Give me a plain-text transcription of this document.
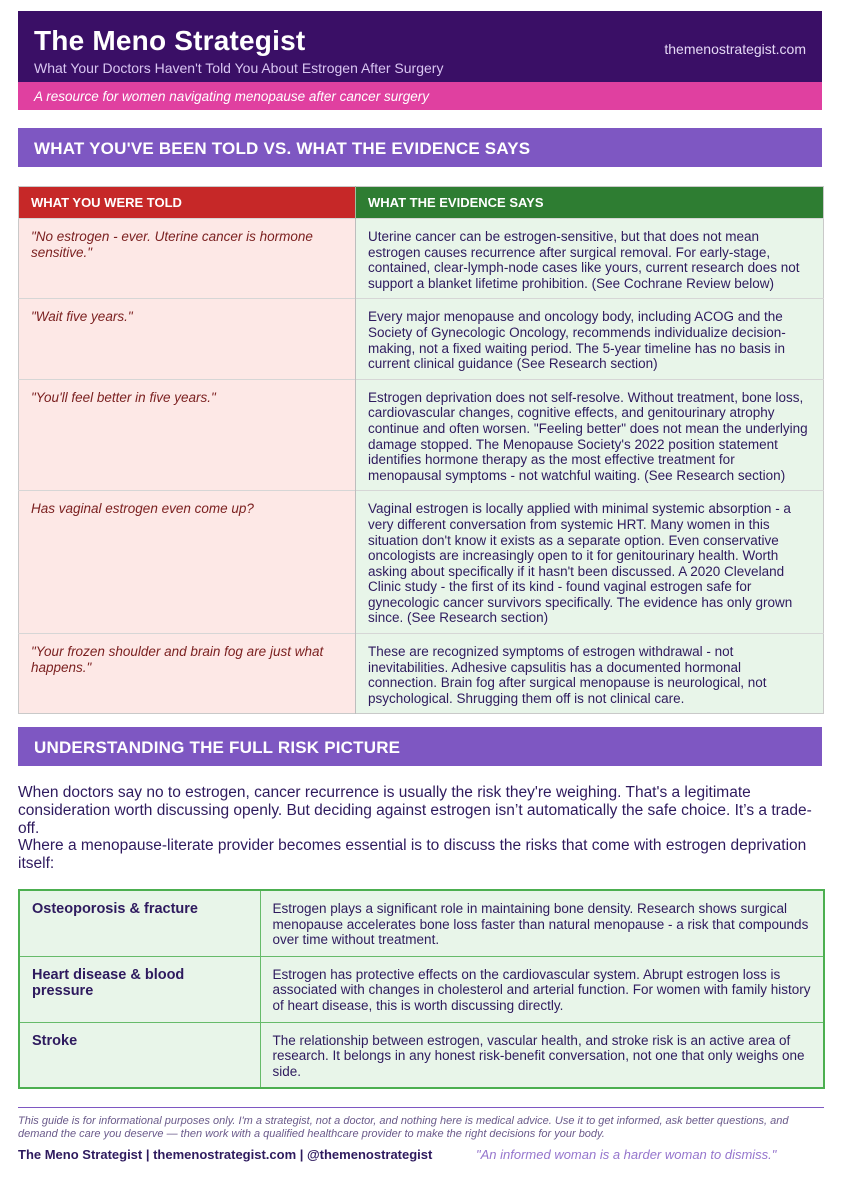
The Meno Strategist
What Your Doctors Haven't Told You About Estrogen After Surgery
themenostrategist.com
A resource for women navigating menopause after cancer surgery
WHAT YOU'VE BEEN TOLD VS. WHAT THE EVIDENCE SAYS
WHAT YOU WERE TOLD	WHAT THE EVIDENCE SAYS
"No estrogen - ever. Uterine cancer is hormone sensitive."	Uterine cancer can be estrogen-sensitive, but that does not mean estrogen causes recurrence after surgical removal. For early-stage, contained, clear-lymph-node cases like yours, current research does not support a blanket lifetime prohibition. (See Cochrane Review below)
"Wait five years."	Every major menopause and oncology body, including ACOG and the Society of Gynecologic Oncology, recommends individualize decision-making, not a fixed waiting period. The 5-year timeline has no basis in current clinical guidance (See Research section)
"You'll feel better in five years."	Estrogen deprivation does not self-resolve. Without treatment, bone loss, cardiovascular changes, cognitive effects, and genitourinary atrophy continue and often worsen. "Feeling better" does not mean the underlying damage stopped. The Menopause Society's 2022 position statement identifies hormone therapy as the most effective treatment for menopausal symptoms - not watchful waiting. (See Research section)
Has vaginal estrogen even come up?	Vaginal estrogen is locally applied with minimal systemic absorption - a very different conversation from systemic HRT. Many women in this situation don't know it exists as a separate option. Even conservative oncologists are increasingly open to it for genitourinary health. Worth asking about specifically if it hasn't been discussed. A 2020 Cleveland Clinic study - the first of its kind - found vaginal estrogen safe for gynecologic cancer survivors specifically. The evidence has only grown since. (See Research section)
"Your frozen shoulder and brain fog are just what happens."	These are recognized symptoms of estrogen withdrawal - not inevitabilities. Adhesive capsulitis has a documented hormonal connection. Brain fog after surgical menopause is neurological, not psychological. Shrugging them off is not clinical care.
UNDERSTANDING THE FULL RISK PICTURE
When doctors say no to estrogen, cancer recurrence is usually the risk they're weighing. That's a legitimate consideration worth discussing openly. But deciding against estrogen isn’t automatically the safe choice. It’s a trade-off.
Where a menopause-literate provider becomes essential is to discuss the risks that come with estrogen deprivation itself:
Osteoporosis & fracture	Estrogen plays a significant role in maintaining bone density. Research shows surgical menopause accelerates bone loss faster than natural menopause - a risk that compounds over time without treatment.
Heart disease & blood pressure	Estrogen has protective effects on the cardiovascular system. Abrupt estrogen loss is associated with changes in cholesterol and arterial function. For women with family history of heart disease, this is worth discussing directly.
Stroke	The relationship between estrogen, vascular health, and stroke risk is an active area of research. It belongs in any honest risk-benefit conversation, not one that only weighs one side.
This guide is for informational purposes only. I'm a strategist, not a doctor, and nothing here is medical advice. Use it to get informed, ask better questions, and demand the care you deserve — then work with a qualified healthcare provider to make the right decisions for your body.
The Meno Strategist | themenostrategist.com | @themenostrategist	"An informed woman is a harder woman to dismiss."
